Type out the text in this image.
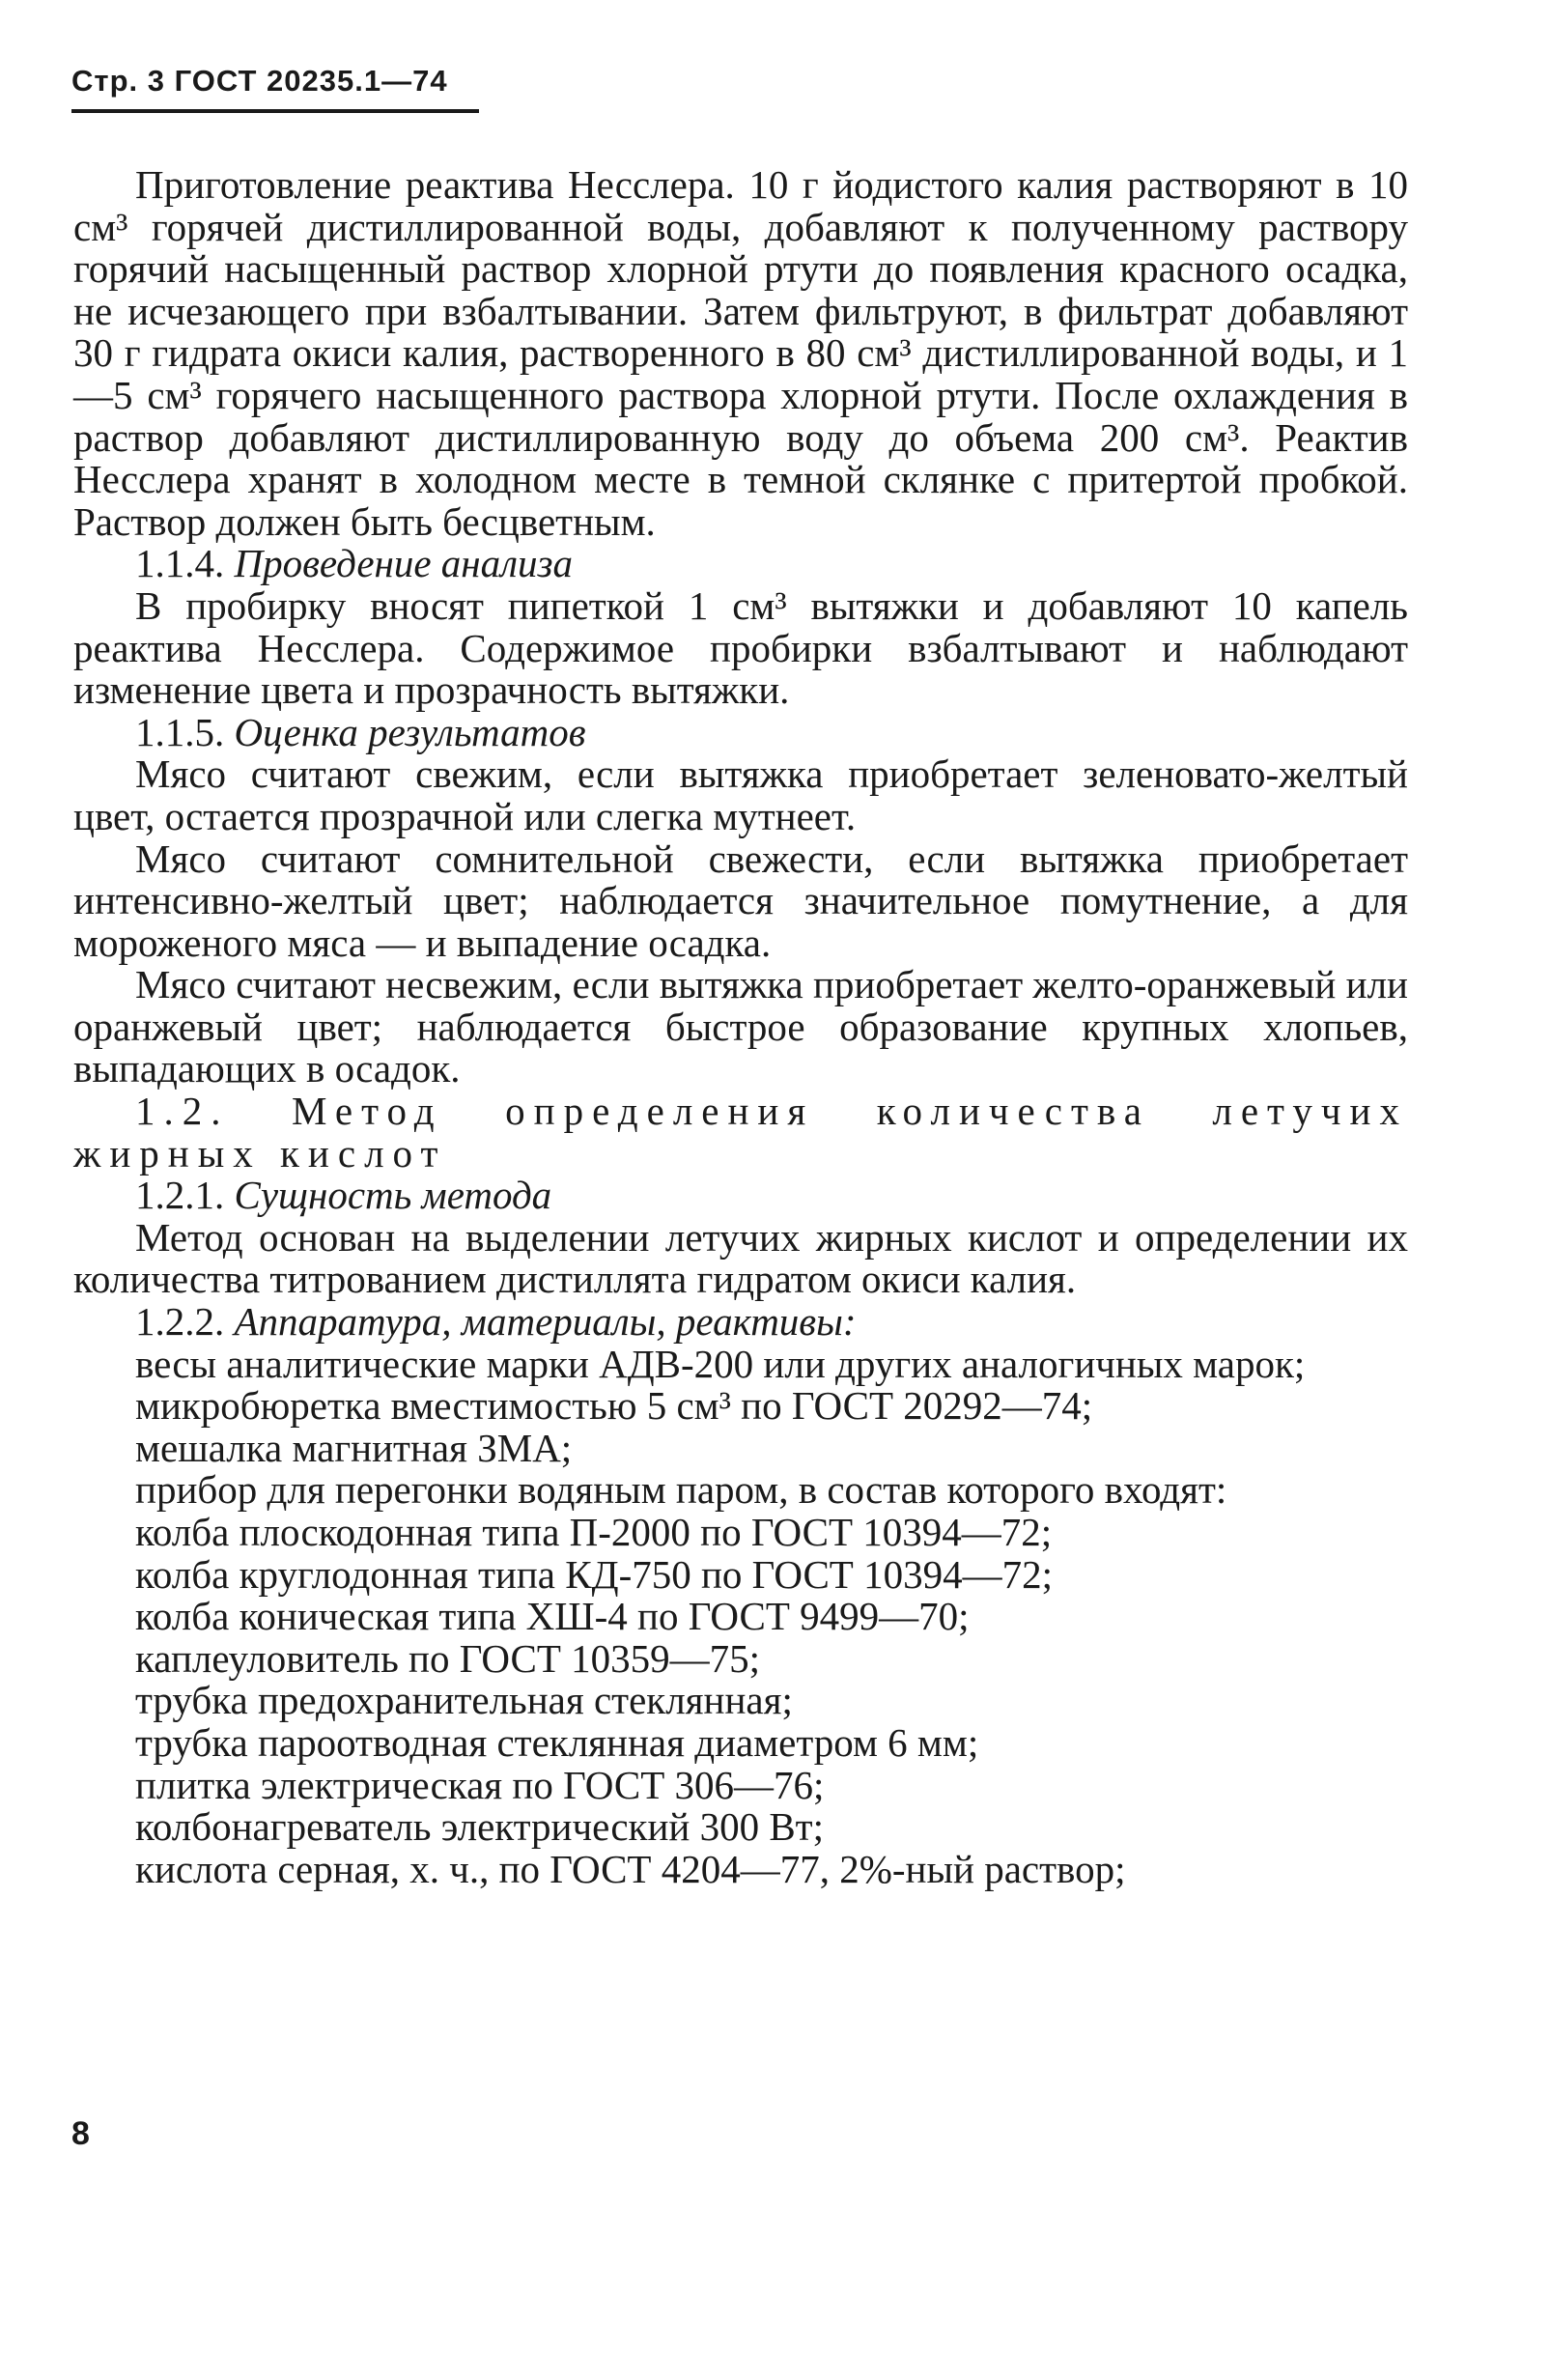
Стр. 3 ГОСТ 20235.1—74

Приготовление реактива Несслера. 10 г йодистого калия растворяют в 10 см³ горячей дистиллированной воды, добавляют к полученному раствору горячий насыщенный раствор хлорной ртути до появления красного осадка, не исчезающего при взбалтывании. Затем фильтруют, в фильтрат добавляют 30 г гидрата окиси калия, растворенного в 80 см³ дистиллированной воды, и 1—5 см³ горячего насыщенного раствора хлорной ртути. После охлаждения в раствор добавляют дистиллированную воду до объема 200 см³. Реактив Несслера хранят в холодном месте в темной склянке с притертой пробкой. Раствор должен быть бесцветным.

1.1.4. Проведение анализа

В пробирку вносят пипеткой 1 см³ вытяжки и добавляют 10 капель реактива Несслера. Содержимое пробирки взбалтывают и наблюдают изменение цвета и прозрачность вытяжки.

1.1.5. Оценка результатов

Мясо считают свежим, если вытяжка приобретает зеленовато-желтый цвет, остается прозрачной или слегка мутнеет.

Мясо считают сомнительной свежести, если вытяжка приобретает интенсивно-желтый цвет; наблюдается значительное помутнение, а для мороженого мяса — и выпадение осадка.

Мясо считают несвежим, если вытяжка приобретает желто-оранжевый или оранжевый цвет; наблюдается быстрое образование крупных хлопьев, выпадающих в осадок.

1.2. Метод определения количества летучих

жирных кислот

1.2.1. Сущность метода

Метод основан на выделении летучих жирных кислот и определении их количества титрованием дистиллята гидратом окиси калия.

1.2.2. Аппаратура, материалы, реактивы:

весы аналитические марки АДВ-200 или других аналогичных марок;

микробюретка вместимостью 5 см³ по ГОСТ 20292—74;

мешалка магнитная ЗМА;

прибор для перегонки водяным паром, в состав которого входят:

колба плоскодонная типа П-2000 по ГОСТ 10394—72;

колба круглодонная типа КД-750 по ГОСТ 10394—72;

колба коническая типа ХШ-4 по ГОСТ 9499—70;

каплеуловитель по ГОСТ 10359—75;

трубка предохранительная стеклянная;

трубка пароотводная стеклянная диаметром 6 мм;

плитка электрическая по ГОСТ 306—76;

колбонагреватель электрический 300 Вт;

кислота серная, х. ч., по ГОСТ 4204—77, 2%-ный раствор;

8
